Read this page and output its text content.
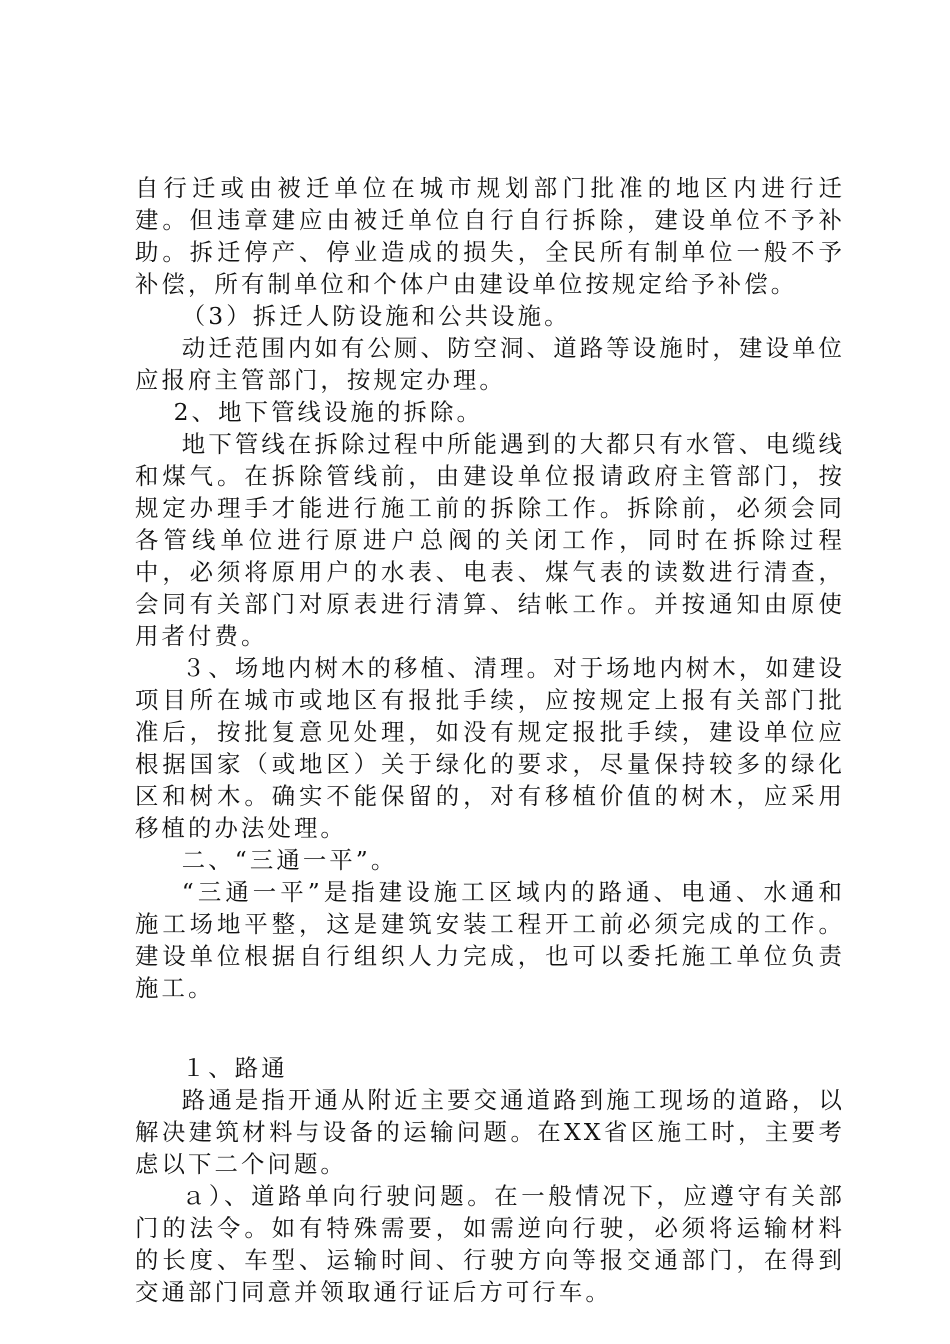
自行迁或由被迁单位在城市规划部门批准的地区内进行迁建。但违章建应由被迁单位自行自行拆除，建设单位不予补助。拆迁停产、停业造成的损失，全民所有制单位一般不予补偿，所有制单位和个体户由建设单位按规定给予补偿。

（3）拆迁人防设施和公共设施。

动迁范围内如有公厕、防空洞、道路等设施时，建设单位应报府主管部门，按规定办理。

2、地下管线设施的拆除。

地下管线在拆除过程中所能遇到的大都只有水管、电缆线和煤气。在拆除管线前，由建设单位报请政府主管部门，按规定办理手才能进行施工前的拆除工作。拆除前，必须会同各管线单位进行原进户总阀的关闭工作，同时在拆除过程中，必须将原用户的水表、电表、煤气表的读数进行清查，会同有关部门对原表进行清算、结帐工作。并按通知由原使用者付费。

３、场地内树木的移植、清理。对于场地内树木，如建设项目所在城市或地区有报批手续，应按规定上报有关部门批准后，按批复意见处理，如没有规定报批手续，建设单位应根据国家（或地区）关于绿化的要求，尽量保持较多的绿化区和树木。确实不能保留的，对有移植价值的树木，应采用移植的办法处理。

二、“三通一平”。

“三通一平”是指建设施工区域内的路通、电通、水通和施工场地平整，这是建筑安装工程开工前必须完成的工作。建设单位根据自行组织人力完成，也可以委托施工单位负责施工。

１、路通

路通是指开通从附近主要交通道路到施工现场的道路，以解决建筑材料与设备的运输问题。在XX省区施工时，主要考虑以下二个问题。

ａ）、道路单向行驶问题。在一般情况下，应遵守有关部门的法令。如有特殊需要，如需逆向行驶，必须将运输材料的长度、车型、运输时间、行驶方向等报交通部门，在得到交通部门同意并领取通行证后方可行车。
